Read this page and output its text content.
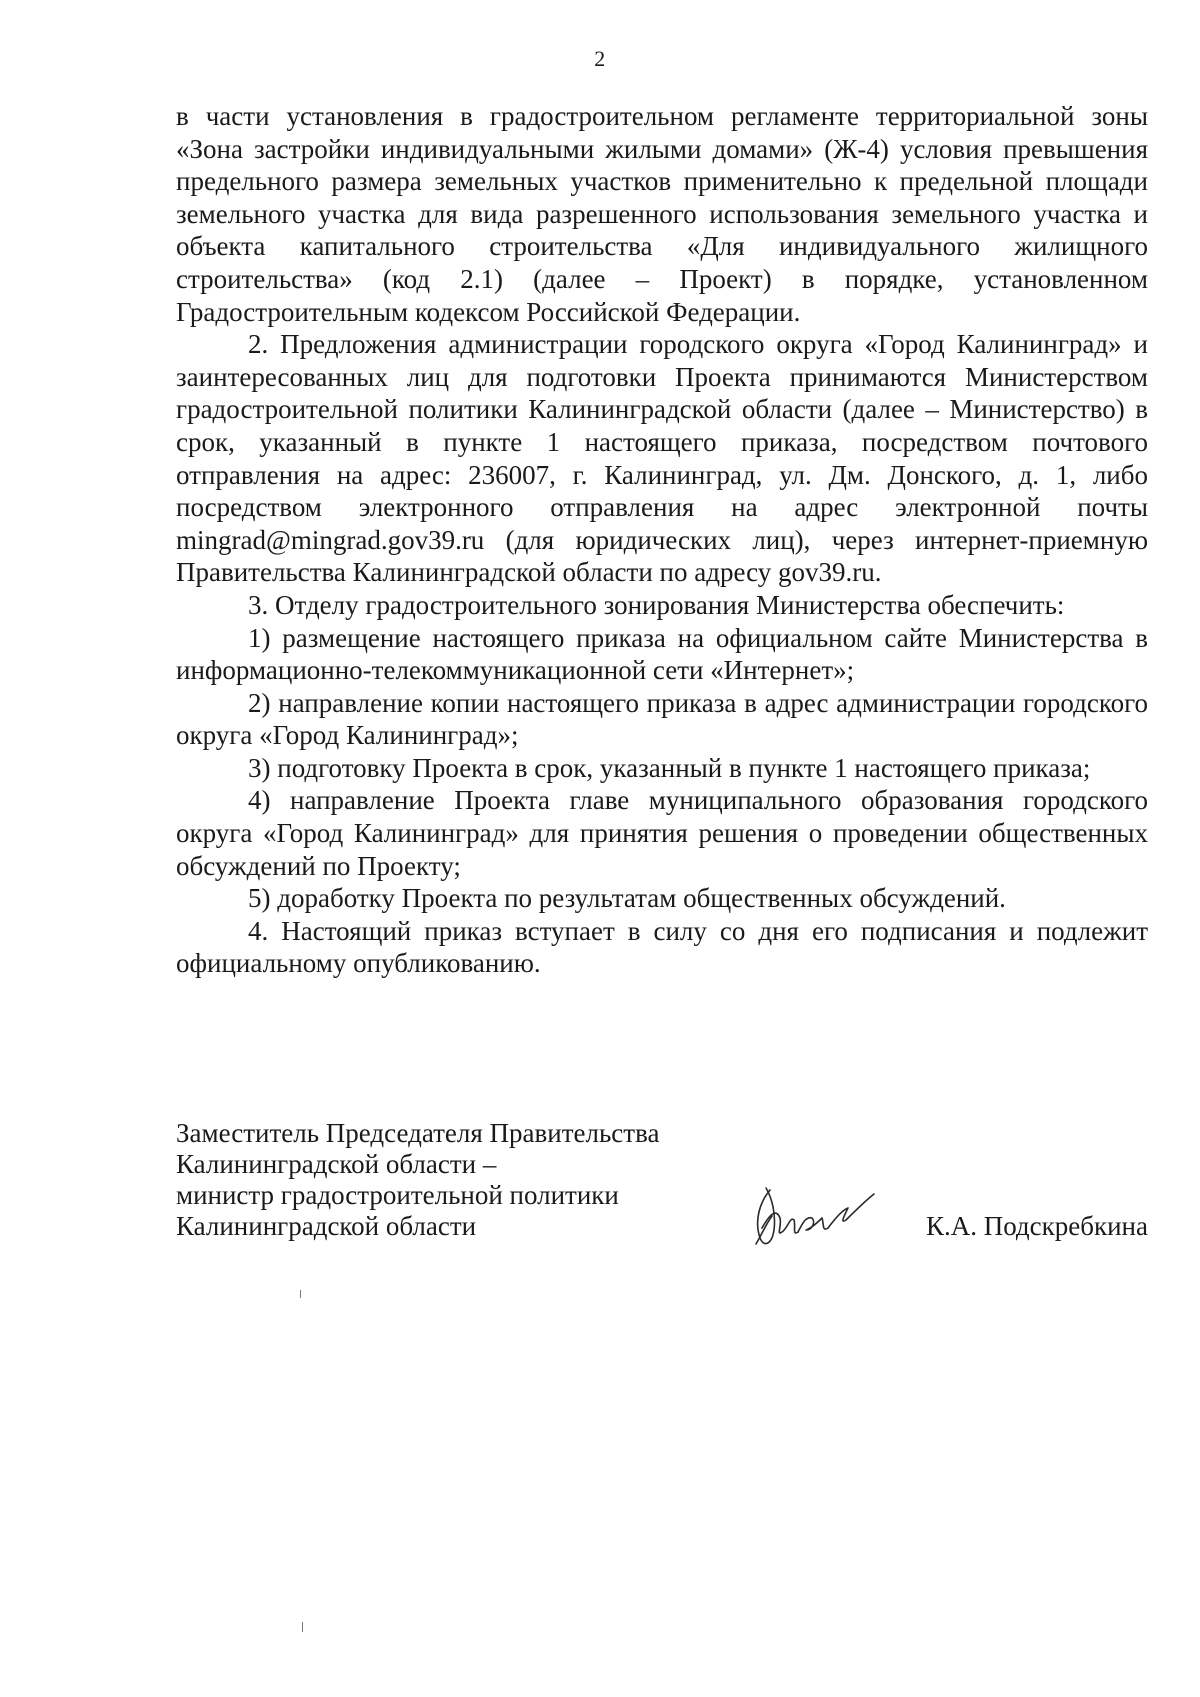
2

в части установления в градостроительном регламенте территориальной зоны «Зона застройки индивидуальными жилыми домами» (Ж-4) условия превышения предельного размера земельных участков применительно к предельной площади земельного участка для вида разрешенного использования земельного участка и объекта капитального строительства «Для индивидуального жилищного строительства» (код 2.1) (далее – Проект) в порядке, установленном Градостроительным кодексом Российской Федерации.

2. Предложения администрации городского округа «Город Калининград» и заинтересованных лиц для подготовки Проекта принимаются Министерством градостроительной политики Калининградской области (далее – Министерство) в срок, указанный в пункте 1 настоящего приказа, посредством почтового отправления на адрес: 236007, г. Калининград, ул. Дм. Донского, д. 1, либо посредством электронного отправления на адрес электронной почты mingrad@mingrad.gov39.ru (для юридических лиц), через интернет-приемную Правительства Калининградской области по адресу gov39.ru.

3. Отделу градостроительного зонирования Министерства обеспечить:

1) размещение настоящего приказа на официальном сайте Министерства в информационно-телекоммуникационной сети «Интернет»;

2) направление копии настоящего приказа в адрес администрации городского округа «Город Калининград»;

3) подготовку Проекта в срок, указанный в пункте 1 настоящего приказа;

4) направление Проекта главе муниципального образования городского округа «Город Калининград» для принятия решения о проведении общественных обсуждений по Проекту;

5) доработку Проекта по результатам общественных обсуждений.

4. Настоящий приказ вступает в силу со дня его подписания и подлежит официальному опубликованию.

Заместитель Председателя Правительства
Калининградской области –
министр градостроительной политики
Калининградской области	К.А. Подскребкина
